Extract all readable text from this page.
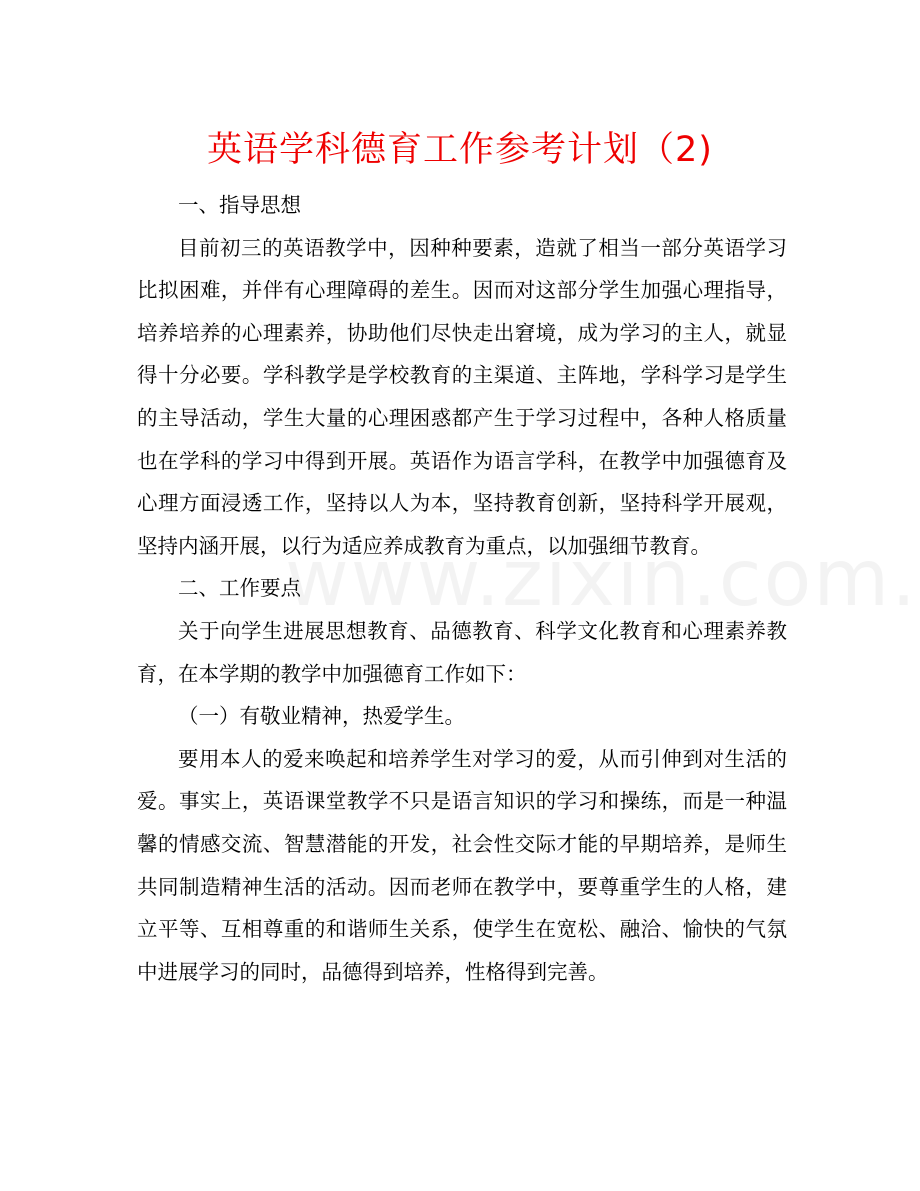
英语学科德育工作参考计划（2)

一、指导思想

目前初三的英语教学中，因种种要素，造就了相当一部分英语学习比拟困难，并伴有心理障碍的差生。因而对这部分学生加强心理指导，培养培养的心理素养，协助他们尽快走出窘境，成为学习的主人，就显得十分必要。学科教学是学校教育的主渠道、主阵地，学科学习是学生的主导活动，学生大量的心理困惑都产生于学习过程中，各种人格质量也在学科的学习中得到开展。英语作为语言学科，在教学中加强德育及心理方面浸透工作，坚持以人为本，坚持教育创新，坚持科学开展观，坚持内涵开展，以行为适应养成教育为重点，以加强细节教育。

二、工作要点

关于向学生进展思想教育、品德教育、科学文化教育和心理素养教育，在本学期的教学中加强德育工作如下：

（一）有敬业精神，热爱学生。

要用本人的爱来唤起和培养学生对学习的爱，从而引伸到对生活的爱。事实上，英语课堂教学不只是语言知识的学习和操练，而是一种温馨的情感交流、智慧潜能的开发，社会性交际才能的早期培养，是师生共同制造精神生活的活动。因而老师在教学中，要尊重学生的人格，建立平等、互相尊重的和谐师生关系，使学生在宽松、融洽、愉快的气氛中进展学习的同时，品德得到培养，性格得到完善。
